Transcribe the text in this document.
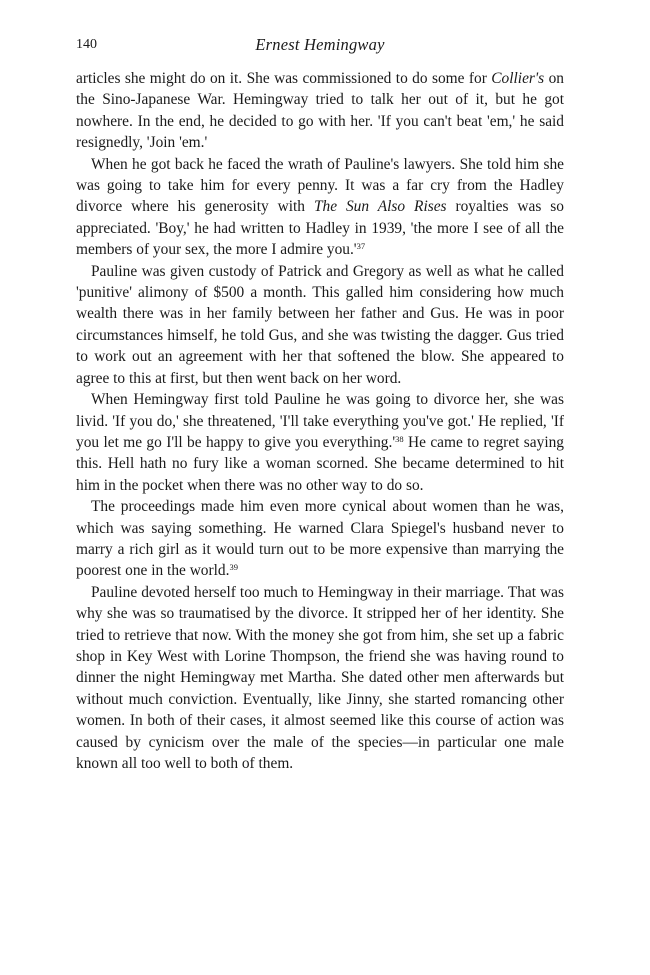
140	Ernest Hemingway

articles she might do on it. She was commissioned to do some for Collier's on the Sino-Japanese War. Hemingway tried to talk her out of it, but he got nowhere. In the end, he decided to go with her. 'If you can't beat 'em,' he said resignedly, 'Join 'em.'

When he got back he faced the wrath of Pauline's lawyers. She told him she was going to take him for every penny. It was a far cry from the Hadley divorce where his generosity with The Sun Also Rises royalties was so appreciated. 'Boy,' he had written to Hadley in 1939, 'the more I see of all the members of your sex, the more I admire you.'$^{37}$

Pauline was given custody of Patrick and Gregory as well as what he called 'punitive' alimony of $500 a month. This galled him considering how much wealth there was in her family between her father and Gus. He was in poor circumstances himself, he told Gus, and she was twisting the dagger. Gus tried to work out an agreement with her that softened the blow. She appeared to agree to this at first, but then went back on her word.

When Hemingway first told Pauline he was going to divorce her, she was livid. 'If you do,' she threatened, 'I'll take everything you've got.' He replied, 'If you let me go I'll be happy to give you everything.'$^{38}$ He came to regret saying this. Hell hath no fury like a woman scorned. She became determined to hit him in the pocket when there was no other way to do so.

The proceedings made him even more cynical about women than he was, which was saying something. He warned Clara Spiegel's husband never to marry a rich girl as it would turn out to be more expensive than marrying the poorest one in the world.$^{39}$

Pauline devoted herself too much to Hemingway in their marriage. That was why she was so traumatised by the divorce. It stripped her of her identity. She tried to retrieve that now. With the money she got from him, she set up a fabric shop in Key West with Lorine Thompson, the friend she was having round to dinner the night Hemingway met Martha. She dated other men afterwards but without much conviction. Eventually, like Jinny, she started romancing other women. In both of their cases, it almost seemed like this course of action was caused by cynicism over the male of the species—in particular one male known all too well to both of them.
